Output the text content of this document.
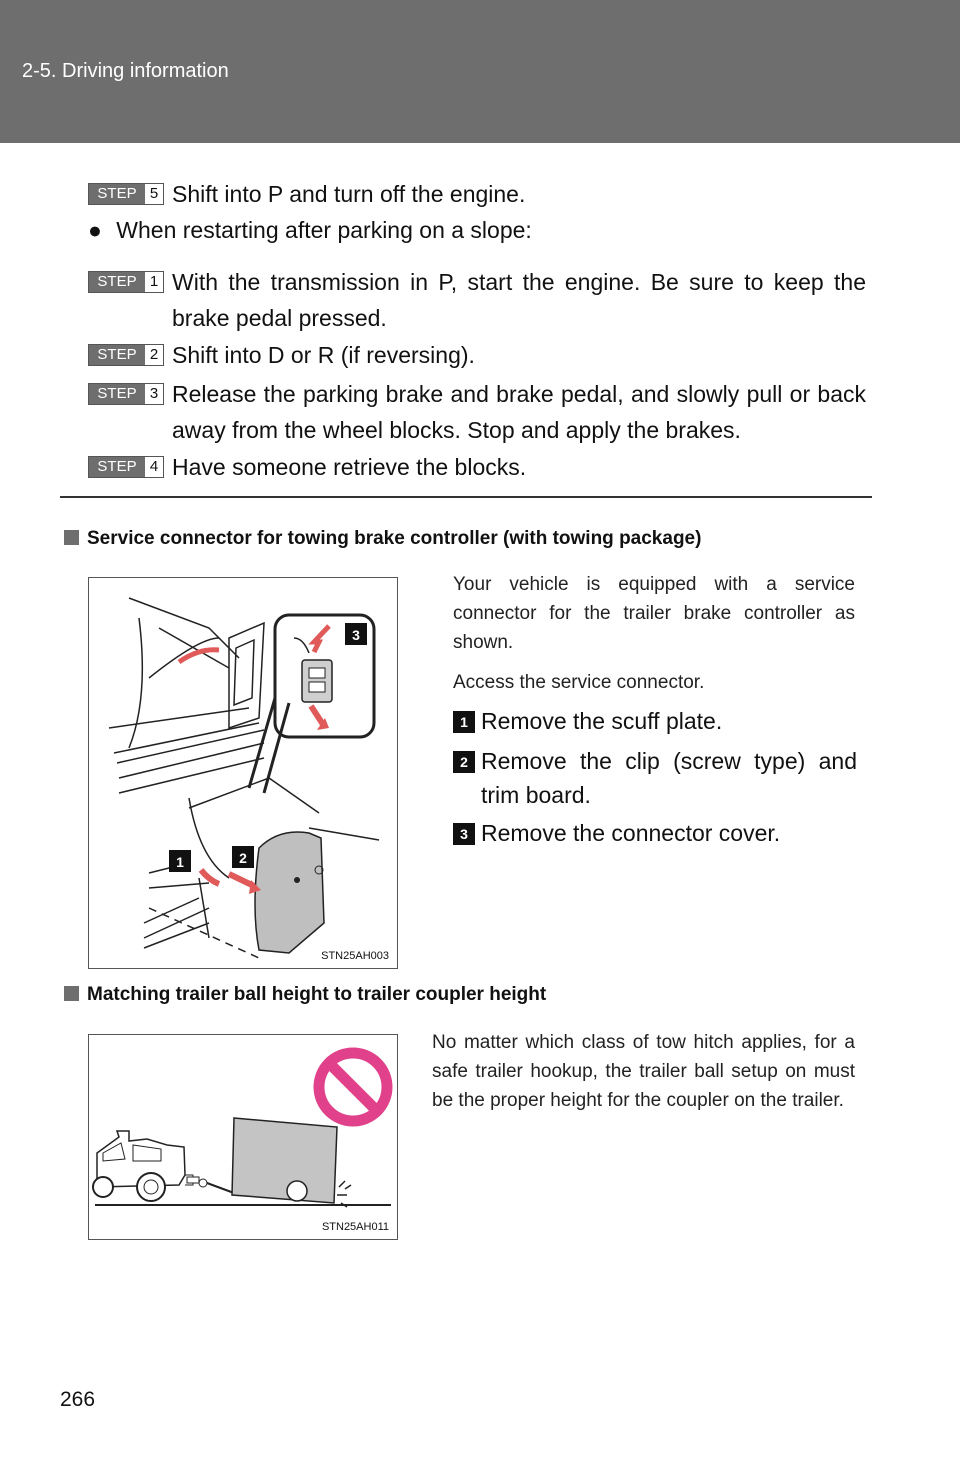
2-5. Driving information
STEP 5 Shift into P and turn off the engine.
● When restarting after parking on a slope:
STEP 1 With the transmission in P, start the engine. Be sure to keep the brake pedal pressed.
STEP 2 Shift into D or R (if reversing).
STEP 3 Release the parking brake and brake pedal, and slowly pull or back away from the wheel blocks. Stop and apply the brakes.
STEP 4 Have someone retrieve the blocks.
Service connector for towing brake controller (with towing package)
1	2
3
STN25AH003
Your vehicle is equipped with a service connector for the trailer brake controller as shown.
Access the service connector.
1 Remove the scuff plate.
2 Remove the clip (screw type) and trim board.
3 Remove the connector cover.
Matching trailer ball height to trailer coupler height
STN25AH011
No matter which class of tow hitch applies, for a safe trailer hookup, the trailer ball setup on must be the proper height for the coupler on the trailer.
266
